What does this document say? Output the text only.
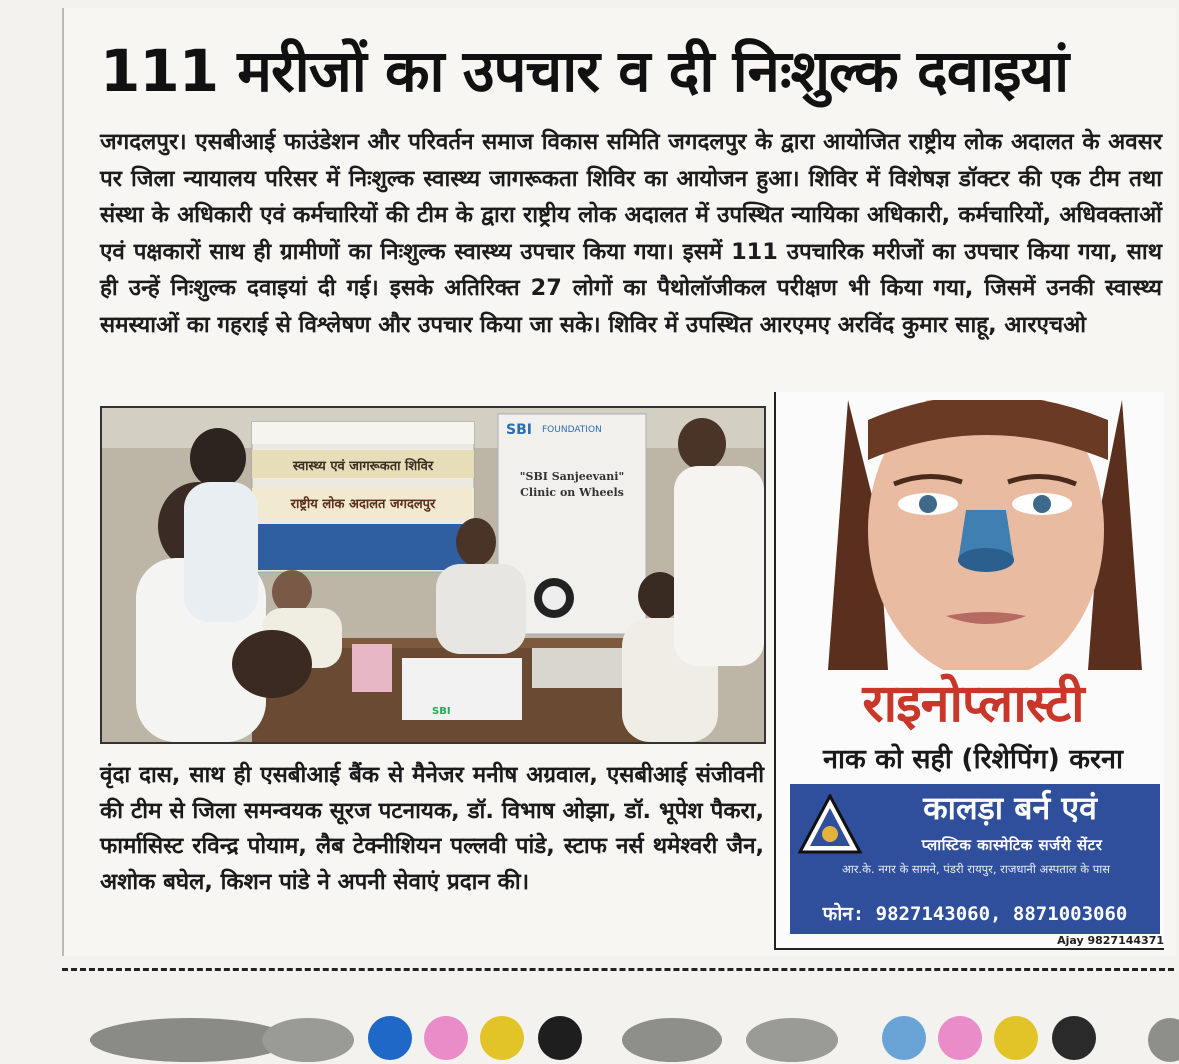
111 मरीजों का उपचार व दी निःशुल्क दवाइयां

जगदलपुर। एसबीआई फाउंडेशन और परिवर्तन समाज विकास समिति जगदलपुर के द्वारा आयोजित राष्ट्रीय लोक अदालत के अवसर पर जिला न्यायालय परिसर में निःशुल्क स्वास्थ्य जागरूकता शिविर का आयोजन हुआ। शिविर में विशेषज्ञ डॉक्टर की एक टीम तथा संस्था के अधिकारी एवं कर्मचारियों की टीम के द्वारा राष्ट्रीय लोक अदालत में उपस्थित न्यायिका अधिकारी, कर्मचारियों, अधिवक्ताओं एवं पक्षकारों साथ ही ग्रामीणों का निःशुल्क स्वास्थ्य उपचार किया गया। इसमें 111 उपचारिक मरीजों का उपचार किया गया, साथ ही उन्हें निःशुल्क दवाइयां दी गई। इसके अतिरिक्त 27 लोगों का पैथोलॉजीकल परीक्षण भी किया गया, जिसमें उनकी स्वास्थ्य समस्याओं का गहराई से विश्लेषण और उपचार किया जा सके। शिविर में उपस्थित आरएमए अरविंद कुमार साहू, आरएचओ

स्वास्थ्य एवं जागरूकता शिविर
राष्ट्रीय लोक अदालत जगदलपुर
SBI FOUNDATION
"SBI Sanjeevani"
Clinic on Wheels
SBI

वृंदा दास, साथ ही एसबीआई बैंक से मैनेजर मनीष अग्रवाल, एसबीआई संजीवनी की टीम से जिला समन्वयक सूरज पटनायक, डॉ. विभाष ओझा, डॉ. भूपेश पैकरा, फार्मासिस्ट रविन्द्र पोयाम, लैब टेक्नीशियन पल्लवी पांडे, स्टाफ नर्स थमेश्वरी जैन, अशोक बघेल, किशन पांडे ने अपनी सेवाएं प्रदान की।

राइनोप्लास्टी
नाक को सही (रिशेपिंग) करना
कालड़ा बर्न एवं
प्लास्टिक कास्मेटिक सर्जरी सेंटर
आर.के. नगर के सामने, पंडरी रायपुर, राजधानी अस्पताल के पास
फोन: 9827143060, 8871003060
Ajay 9827144371
